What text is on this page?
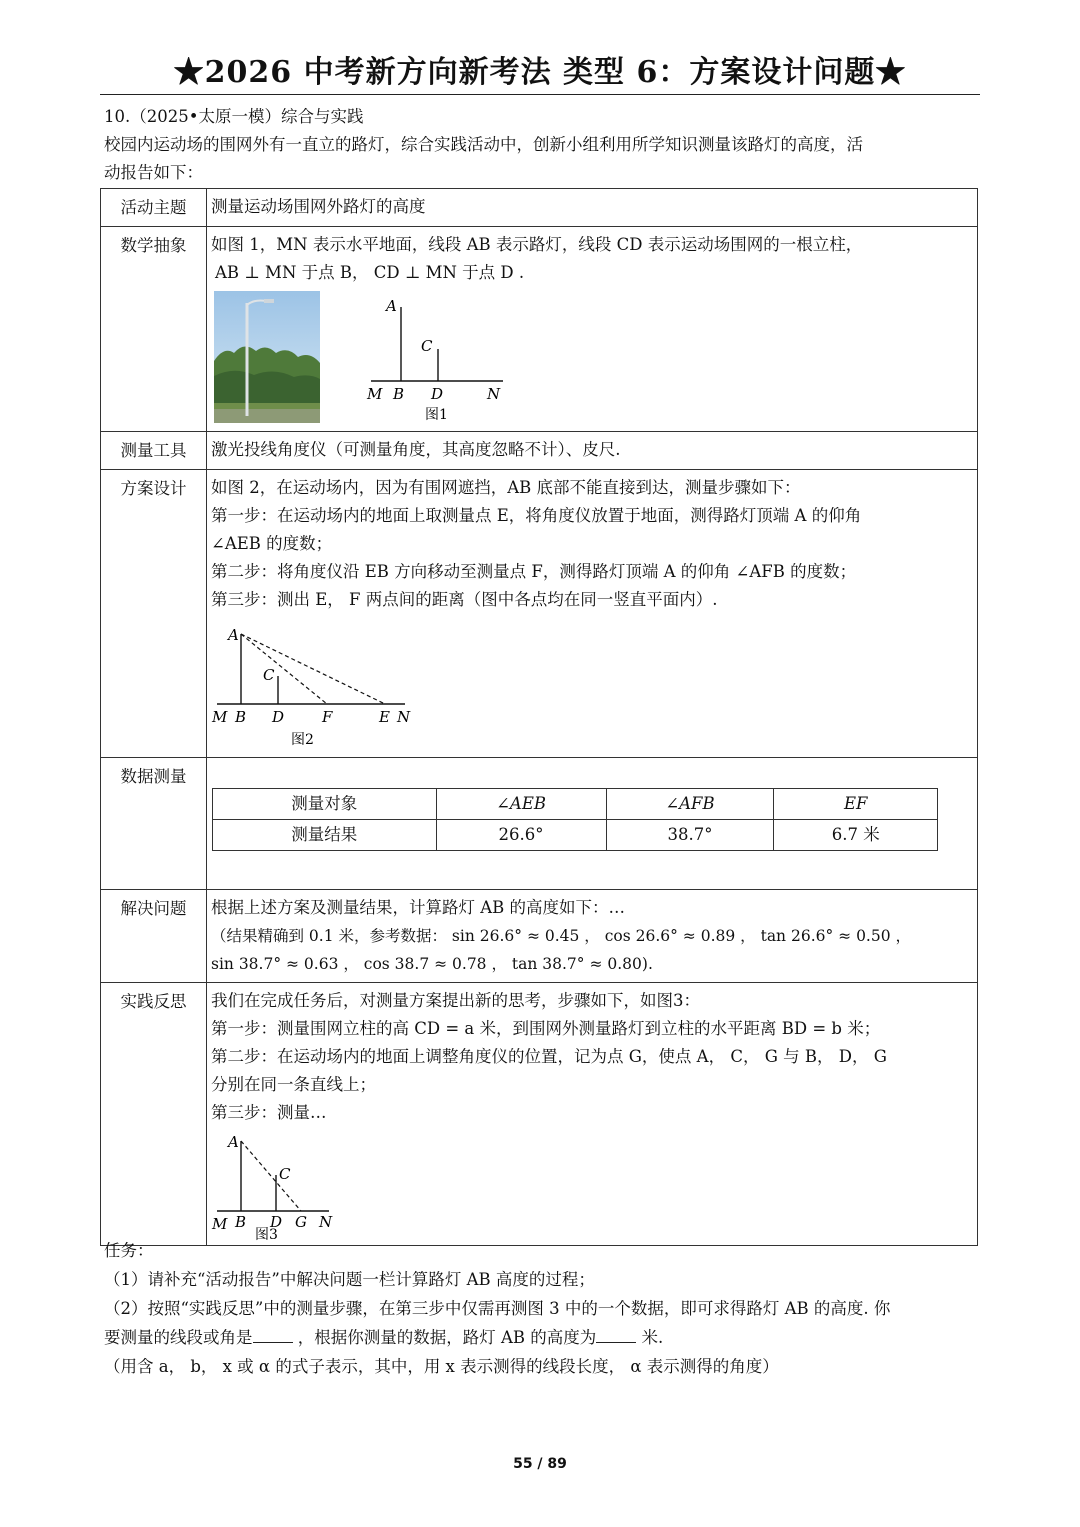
★2026 中考新方向新考法 类型 6：方案设计问题★
10.（2025•太原一模）综合与实践
校园内运动场的围网外有一直立的路灯，综合实践活动中，创新小组利用所学知识测量该路灯的高度，活
动报告如下：
活动主题	测量运动场围网外路灯的高度
数学抽象	如图 1，MN 表示水平地面，线段 AB 表示路灯，线段 CD 表示运动场围网的一根立柱，
AB ⊥ MN 于点 B， CD ⊥ MN 于点 D .
A
C
M B D	N
图1

测量工具	激光投线角度仪（可测量角度，其高度忽略不计）、皮尺.
方案设计	如图 2，在运动场内，因为有围网遮挡，AB 底部不能直接到达，测量步骤如下：
第一步：在运动场内的地面上取测量点 E，将角度仪放置于地面，测得路灯顶端 A 的仰角
∠AEB 的度数；
第二步：将角度仪沿 EB 方向移动至测量点 F，测得路灯顶端 A 的仰角 ∠AFB 的度数；
第三步：测出 E， F 两点间的距离（图中各点均在同一竖直平面内）.
A
C
M B D	F	E N
图2

数据测量	
测量对象	∠AEB	∠AFB	EF
测量结果	26.6°	38.7°	6.7 米

解决问题	根据上述方案及测量结果，计算路灯 AB 的高度如下：…
（结果精确到 0.1 米，参考数据： sin 26.6° ≈ 0.45 ， cos 26.6° ≈ 0.89 ， tan 26.6° ≈ 0.50 ，
sin 38.7° ≈ 0.63 ， cos 38.7 ≈ 0.78 ， tan 38.7° ≈ 0.80).

实践反思	我们在完成任务后，对测量方案提出新的思考，步骤如下，如图3：
第一步：测量围网立柱的高 CD = a 米，到围网外测量路灯到立柱的水平距离 BD = b 米；
第二步：在运动场内的地面上调整角度仪的位置，记为点 G，使点 A， C， G 与 B， D， G
分别在同一条直线上；
第三步：测量…
A
C
M B D G N
图3
任务：
（1）请补充“活动报告”中解决问题一栏计算路灯 AB 高度的过程；
（2）按照“实践反思”中的测量步骤，在第三步中仅需再测图 3 中的一个数据，即可求得路灯 AB 的高度. 你
要测量的线段或角是	，根据你测量的数据，路灯 AB 的高度为	米.
（用含 a， b， x 或 α 的式子表示，其中，用 x 表示测得的线段长度， α 表示测得的角度）
55 / 89
